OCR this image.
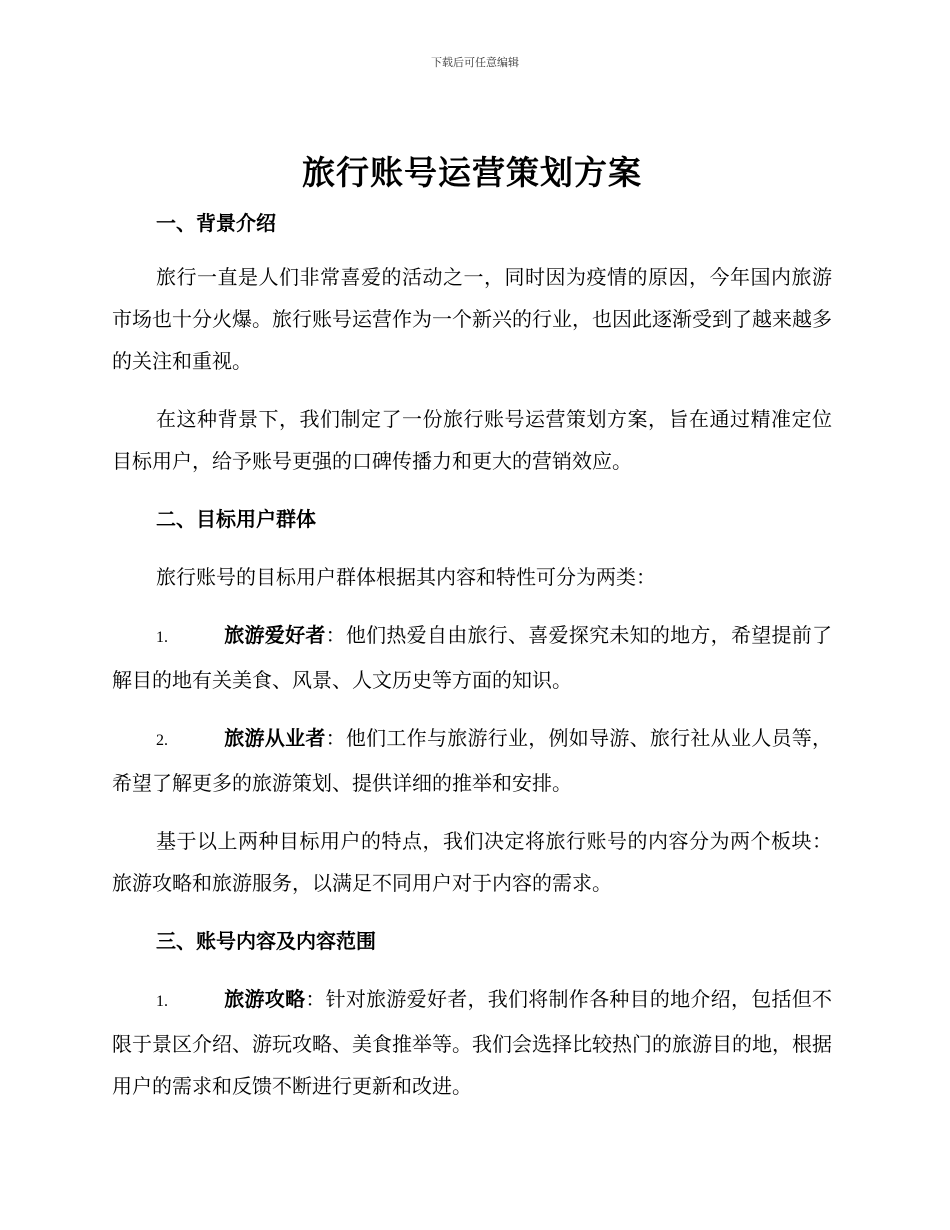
下载后可任意编辑
旅行账号运营策划方案
一、背景介绍

旅行一直是人们非常喜爱的活动之一，同时因为疫情的原因，今年国内旅游市场也十分火爆。旅行账号运营作为一个新兴的行业，也因此逐渐受到了越来越多的关注和重视。

在这种背景下，我们制定了一份旅行账号运营策划方案，旨在通过精准定位目标用户，给予账号更强的口碑传播力和更大的营销效应。

二、目标用户群体

旅行账号的目标用户群体根据其内容和特性可分为两类：

1.	旅游爱好者：他们热爱自由旅行、喜爱探究未知的地方，希望提前了解目的地有关美食、风景、人文历史等方面的知识。

2.	旅游从业者：他们工作与旅游行业，例如导游、旅行社从业人员等，希望了解更多的旅游策划、提供详细的推举和安排。

基于以上两种目标用户的特点，我们决定将旅行账号的内容分为两个板块：旅游攻略和旅游服务，以满足不同用户对于内容的需求。

三、账号内容及内容范围

1.	旅游攻略：针对旅游爱好者，我们将制作各种目的地介绍，包括但不限于景区介绍、游玩攻略、美食推举等。我们会选择比较热门的旅游目的地，根据用户的需求和反馈不断进行更新和改进。
